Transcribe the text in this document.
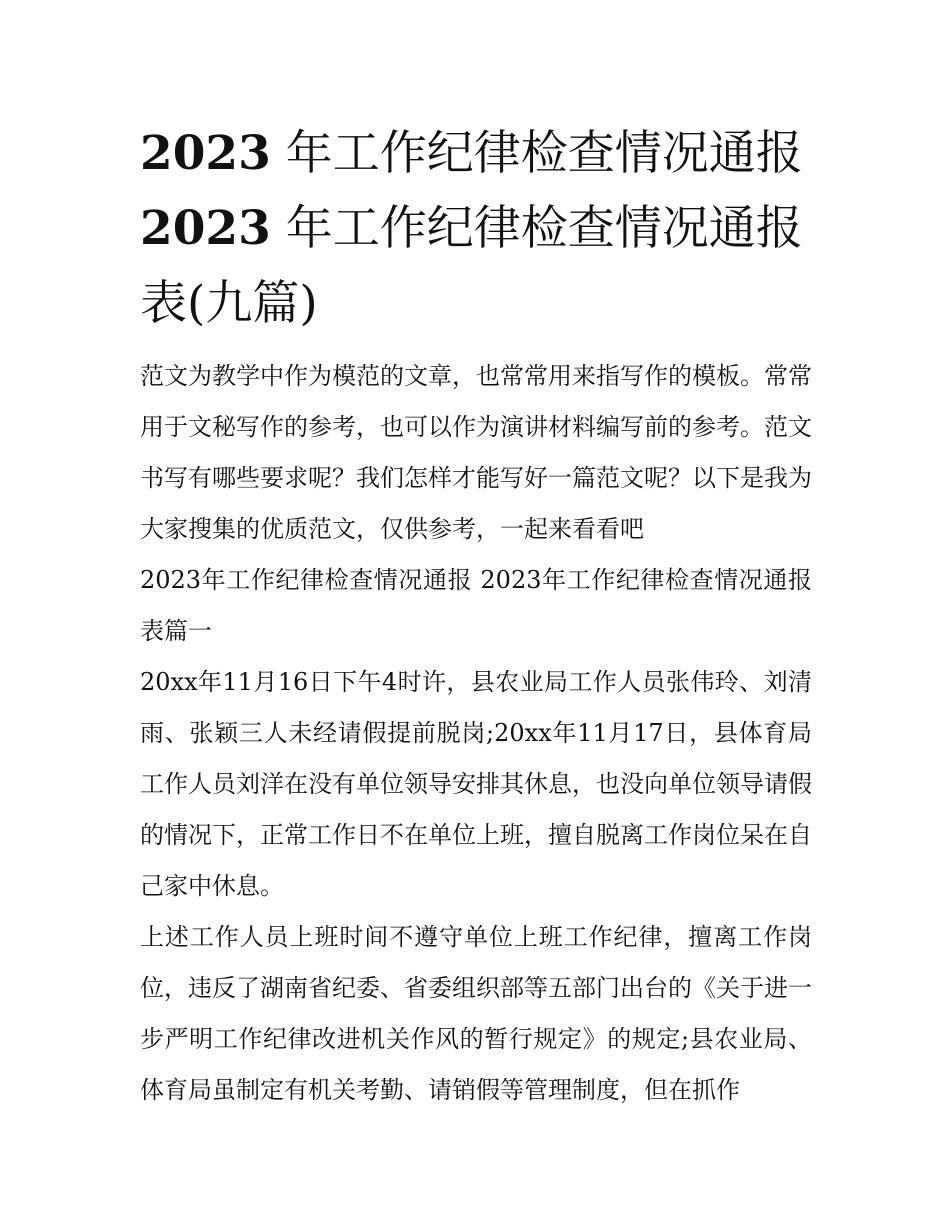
2023 年工作纪律检查情况通报
2023 年工作纪律检查情况通报
表(九篇)

范文为教学中作为模范的文章，也常常用来指写作的模板。常常用于文秘写作的参考，也可以作为演讲材料编写前的参考。范文书写有哪些要求呢？我们怎样才能写好一篇范文呢？以下是我为大家搜集的优质范文，仅供参考，一起来看看吧

2023年工作纪律检查情况通报 2023年工作纪律检查情况通报表篇一

20xx年11月16日下午4时许，县农业局工作人员张伟玲、刘清雨、张颖三人未经请假提前脱岗;20xx年11月17日，县体育局工作人员刘洋在没有单位领导安排其休息，也没向单位领导请假的情况下，正常工作日不在单位上班，擅自脱离工作岗位呆在自己家中休息。

上述工作人员上班时间不遵守单位上班工作纪律，擅离工作岗位，违反了湖南省纪委、省委组织部等五部门出台的《关于进一步严明工作纪律改进机关作风的暂行规定》的规定;县农业局、体育局虽制定有机关考勤、请销假等管理制度，但在抓作
